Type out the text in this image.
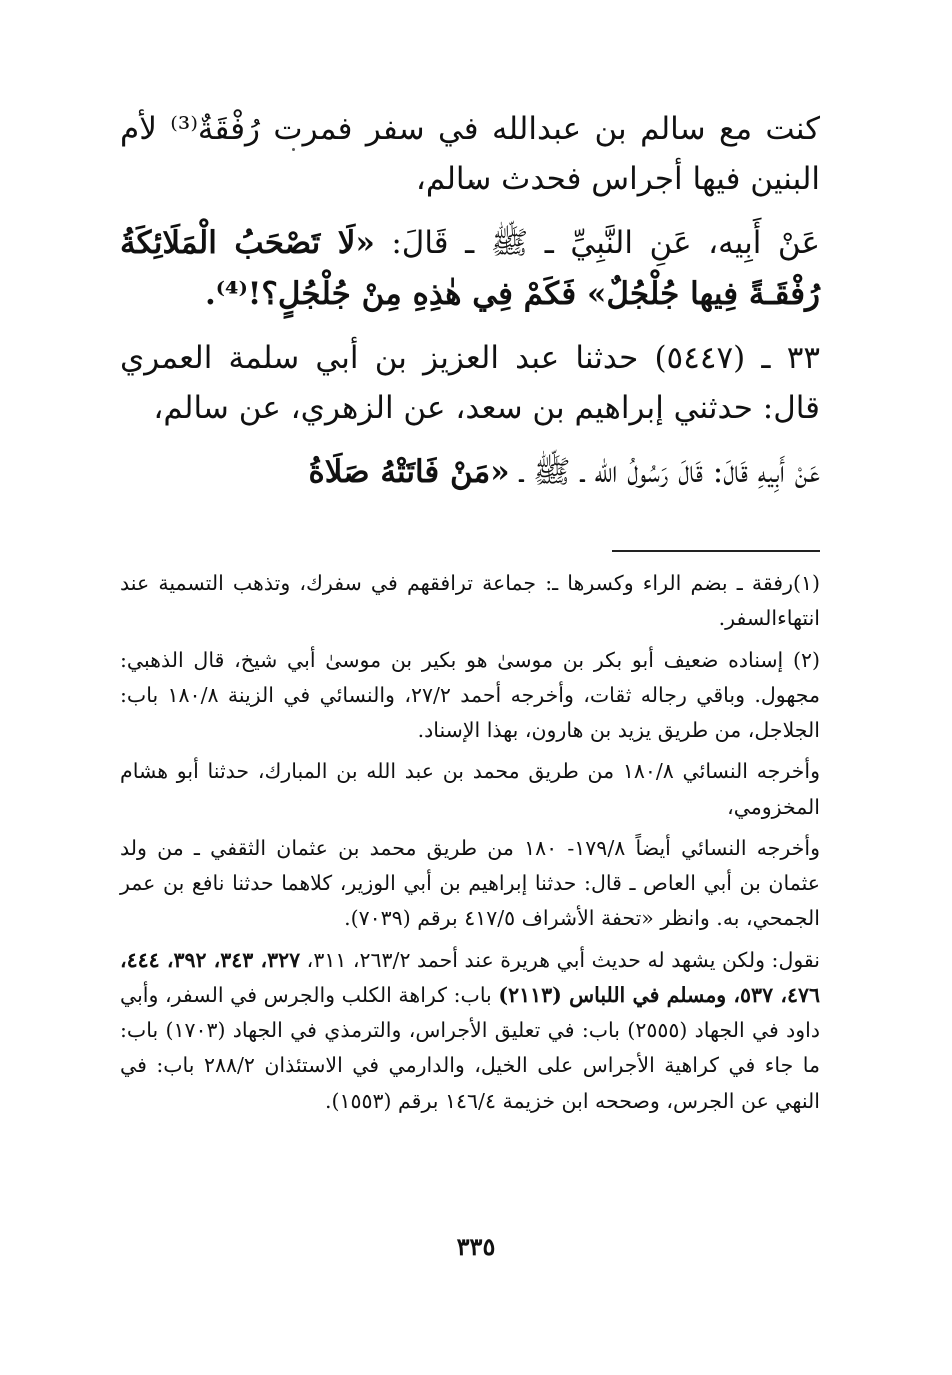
كنت مع سالم بن عبدالله في سفر فمرت رُفْقَةٌ⁽³⁾ لأم البنين فيها أجراس فحدث سالم،

عَنْ أَبِيه، عَنِ النَّبِيِّ ـ ﷺ ـ قَالَ: «لَا تَصْحَبُ الْمَلَائِكَةُ رُفْقَـةً فِيها جُلْجُلٌ» فَكَمْ فِي هٰذِهِ مِنْ جُلْجُلٍ؟!⁽⁴⁾.

٣٣ ـ (٥٤٤٧) حدثنا عبد العزيز بن أبي سلمة العمري قال: حدثني إبراهيم بن سعد، عن الزهري، عن سالم،

عَنْ أَبِيهِ قَالَ: قَالَ رَسُولُ الله ـ ﷺ ـ «مَنْ فَاتَتْهُ صَلَاةُ

(١)رفقة ـ بضم الراء وكسرها ـ: جماعة ترافقهم في سفرك، وتذهب التسمية عند انتهاءالسفر.

(٢) إسناده ضعيف أبو بكر بن موسىٰ هو بكير بن موسىٰ أبي شيخ، قال الذهبي: مجهول. وباقي رجاله ثقات، وأخرجه أحمد ٢٧/٢، والنسائي في الزينة ١٨٠/٨ باب: الجلاجل، من طريق يزيد بن هارون، بهذا الإسناد.

وأخرجه النسائي ١٨٠/٨ من طريق محمد بن عبد الله بن المبارك، حدثنا أبو هشام المخزومي،

وأخرجه النسائي أيضاً ١٧٩/٨- ١٨٠ من طريق محمد بن عثمان الثقفي ـ من ولد عثمان بن أبي العاص ـ قال: حدثنا إبراهيم بن أبي الوزير، كلاهما حدثنا نافع بن عمر الجمحي، به. وانظر «تحفة الأشراف ٤١٧/٥ برقم (٧٠٣٩).

نقول: ولكن يشهد له حديث أبي هريرة عند أحمد ٢٦٣/٢، ٣١١، ٣٢٧، ٣٤٣، ٣٩٢، ٤٤٤، ٤٧٦، ٥٣٧، ومسلم في اللباس (٢١١٣) باب: كراهة الكلب والجرس في السفر، وأبي داود في الجهاد (٢٥٥٥) باب: في تعليق الأجراس، والترمذي في الجهاد (١٧٠٣) باب: ما جاء في كراهية الأجراس على الخيل، والدارمي في الاستئذان ٢٨٨/٢ باب: في النهي عن الجرس، وصححه ابن خزيمة ١٤٦/٤ برقم (١٥٥٣).

٣٣٥
